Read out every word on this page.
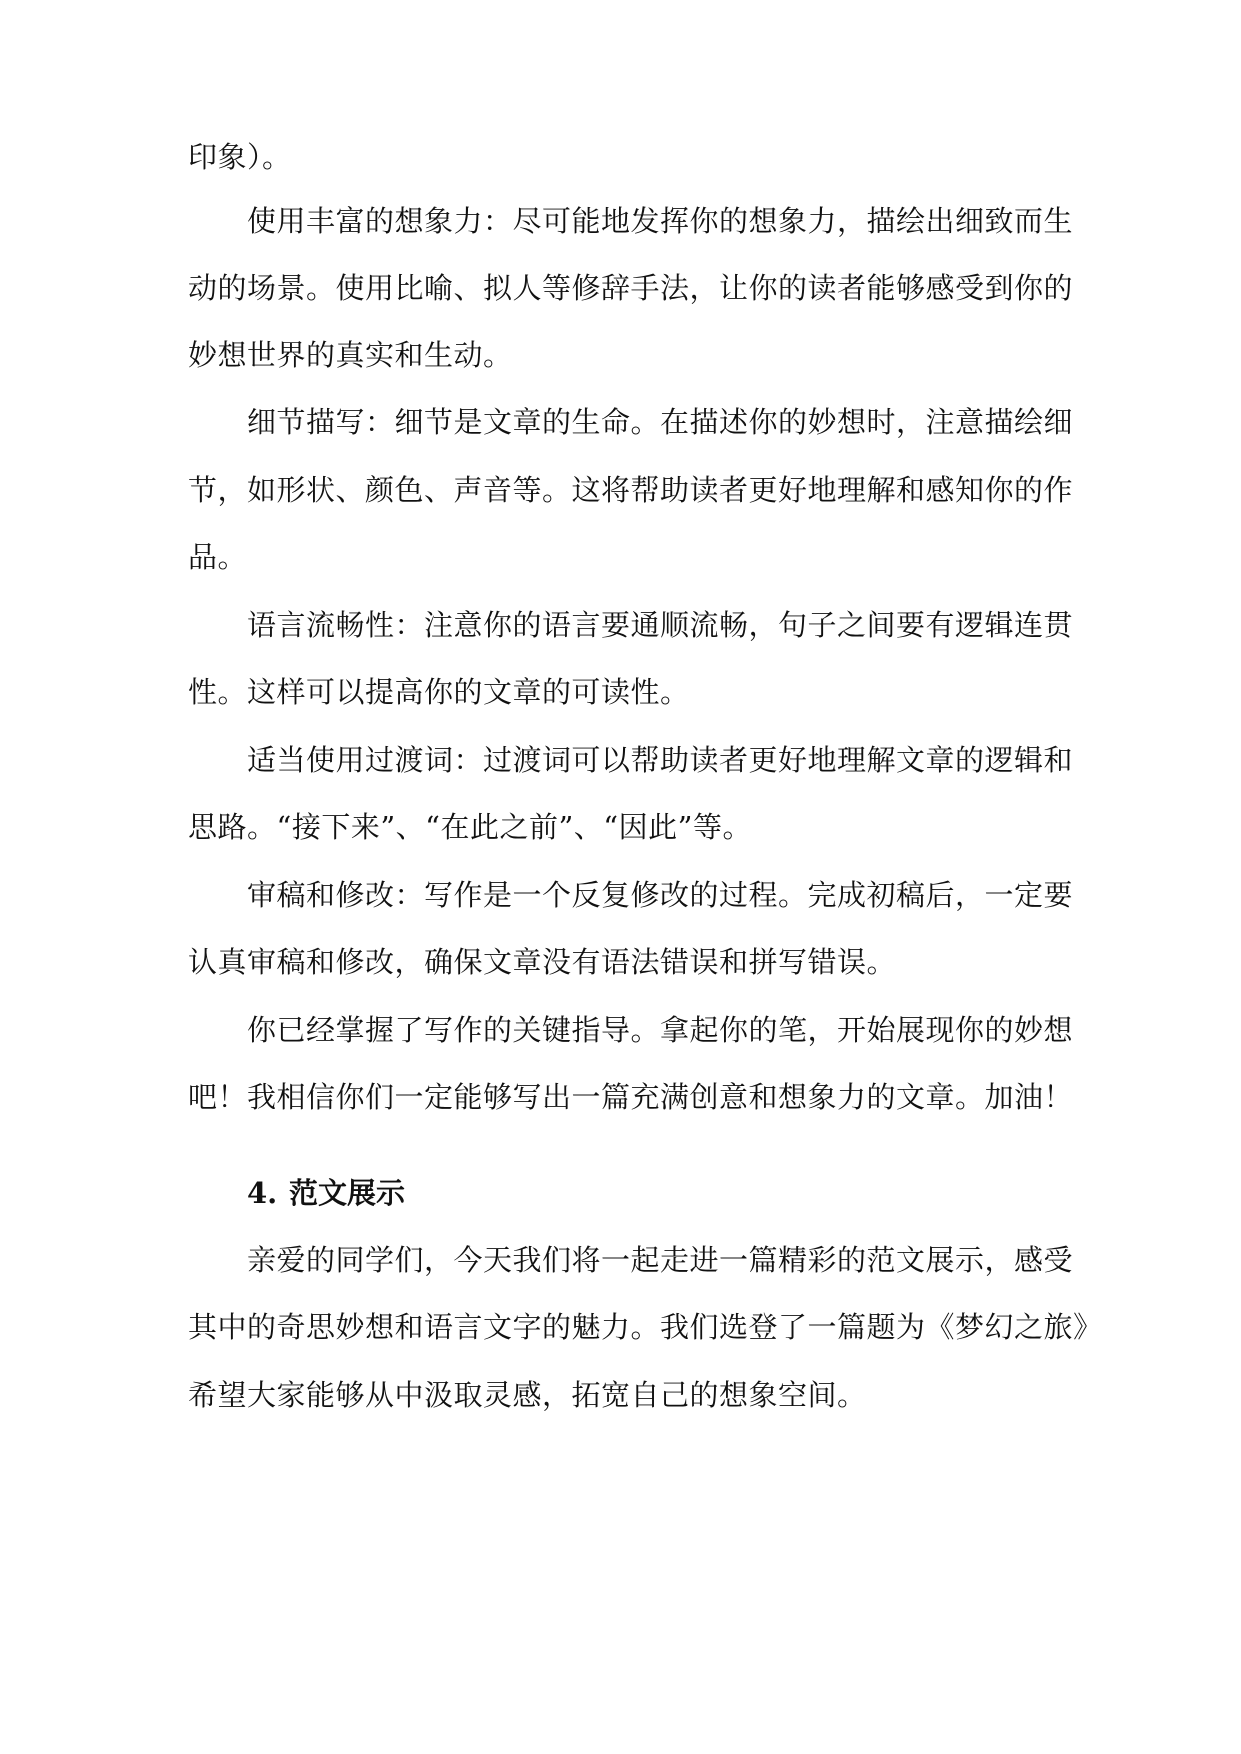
印象）。
使用丰富的想象力：尽可能地发挥你的想象力，描绘出细致而生
动的场景。使用比喻、拟人等修辞手法，让你的读者能够感受到你的
妙想世界的真实和生动。
细节描写：细节是文章的生命。在描述你的妙想时，注意描绘细
节，如形状、颜色、声音等。这将帮助读者更好地理解和感知你的作
品。
语言流畅性：注意你的语言要通顺流畅，句子之间要有逻辑连贯
性。这样可以提高你的文章的可读性。
适当使用过渡词：过渡词可以帮助读者更好地理解文章的逻辑和
思路。“接下来”、“在此之前”、“因此”等。
审稿和修改：写作是一个反复修改的过程。完成初稿后，一定要
认真审稿和修改，确保文章没有语法错误和拼写错误。
你已经掌握了写作的关键指导。拿起你的笔，开始展现你的妙想
吧！我相信你们一定能够写出一篇充满创意和想象力的文章。加油！
4. 范文展示
亲爱的同学们，今天我们将一起走进一篇精彩的范文展示，感受
其中的奇思妙想和语言文字的魅力。我们选登了一篇题为《梦幻之旅》
希望大家能够从中汲取灵感，拓宽自己的想象空间。
